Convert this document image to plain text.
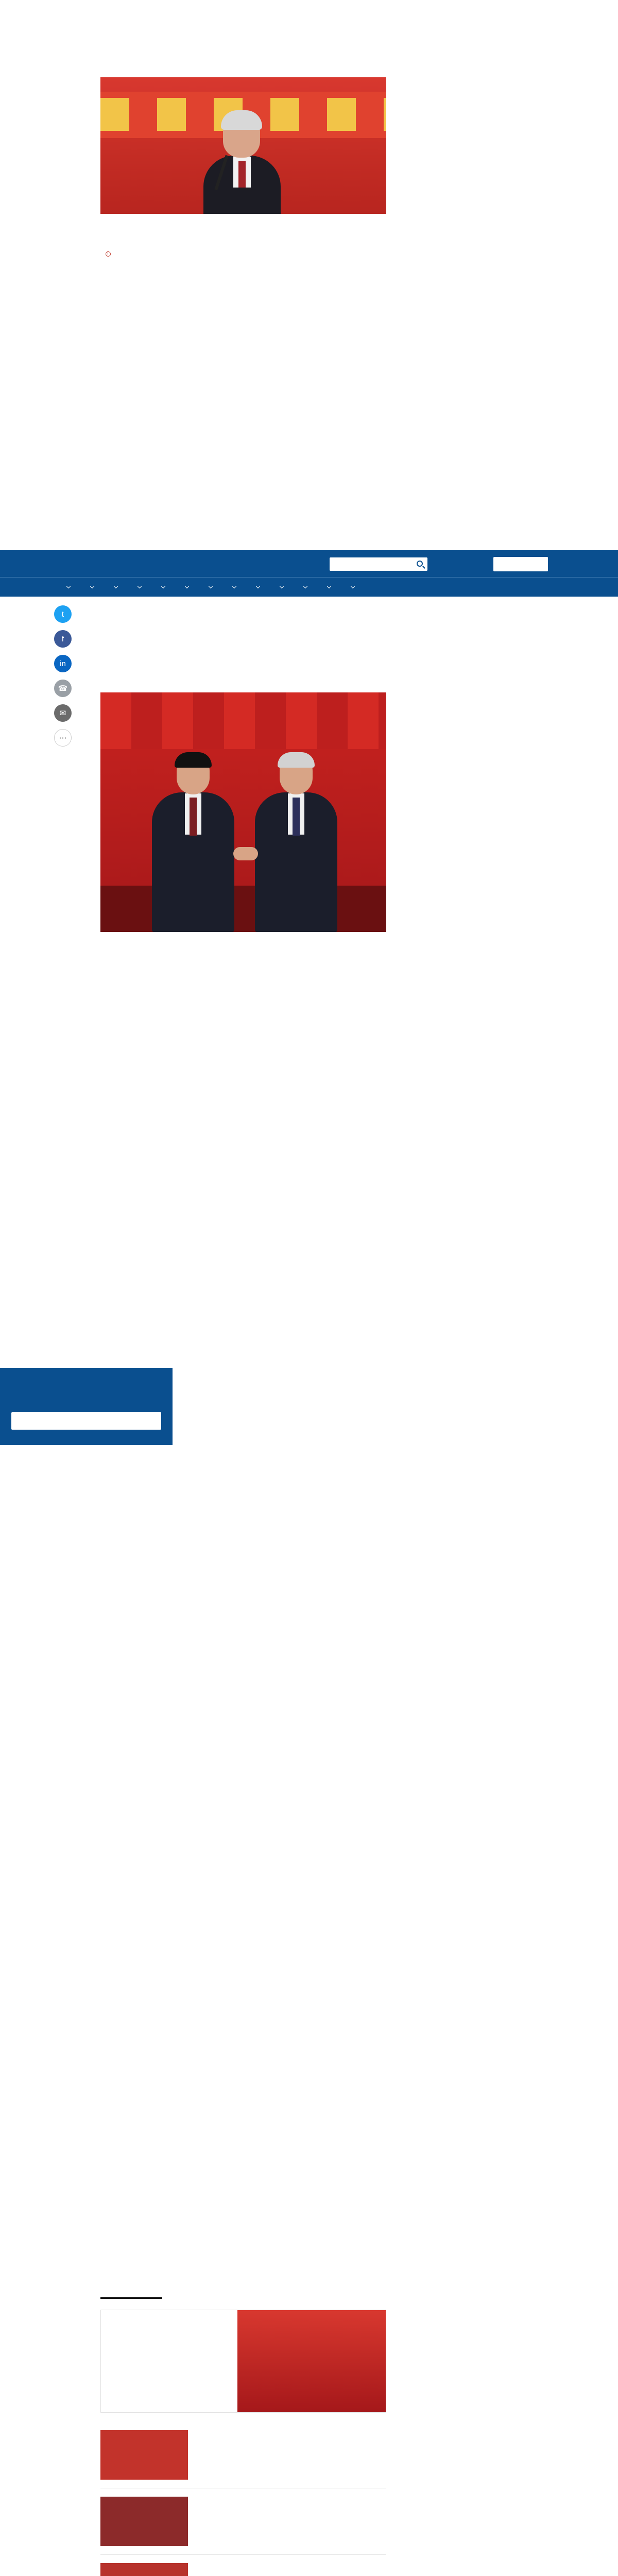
t
f
in
☎
✉
⋯
